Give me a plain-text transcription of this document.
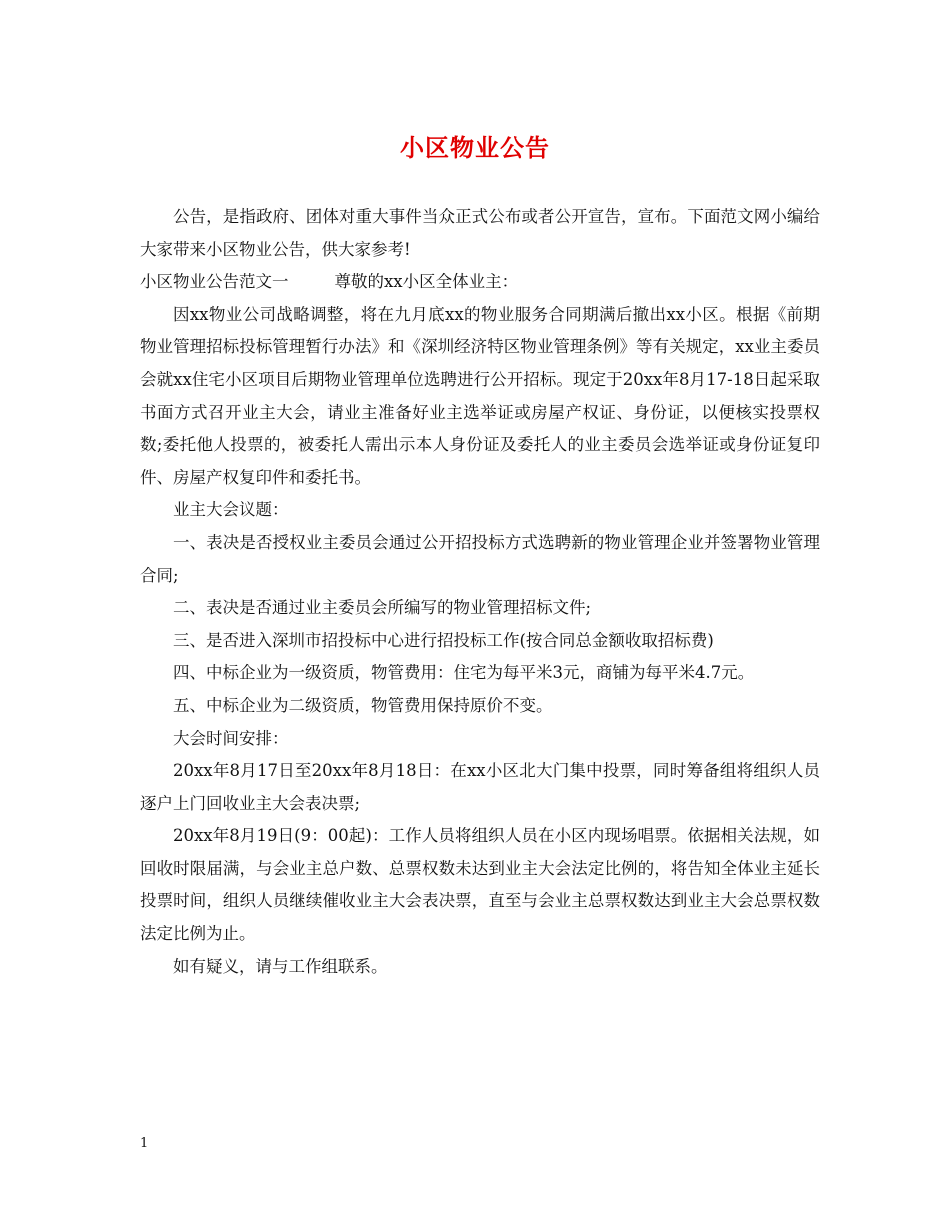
小区物业公告

公告，是指政府、团体对重大事件当众正式公布或者公开宣告，宣布。下面范文网小编给大家带来小区物业公告，供大家参考!

小区物业公告范文一	尊敬的xx小区全体业主：

因xx物业公司战略调整，将在九月底xx的物业服务合同期满后撤出xx小区。根据《前期物业管理招标投标管理暂行办法》和《深圳经济特区物业管理条例》等有关规定，xx业主委员会就xx住宅小区项目后期物业管理单位选聘进行公开招标。现定于20xx年8月17-18日起采取书面方式召开业主大会，请业主准备好业主选举证或房屋产权证、身份证，以便核实投票权数;委托他人投票的，被委托人需出示本人身份证及委托人的业主委员会选举证或身份证复印件、房屋产权复印件和委托书。

业主大会议题：

一、表决是否授权业主委员会通过公开招投标方式选聘新的物业管理企业并签署物业管理合同;

二、表决是否通过业主委员会所编写的物业管理招标文件;

三、是否进入深圳市招投标中心进行招投标工作(按合同总金额收取招标费)

四、中标企业为一级资质，物管费用：住宅为每平米3元，商铺为每平米4.7元。

五、中标企业为二级资质，物管费用保持原价不变。

大会时间安排：

20xx年8月17日至20xx年8月18日：在xx小区北大门集中投票，同时筹备组将组织人员逐户上门回收业主大会表决票;

20xx年8月19日(9：00起)：工作人员将组织人员在小区内现场唱票。依据相关法规，如回收时限届满，与会业主总户数、总票权数未达到业主大会法定比例的，将告知全体业主延长投票时间，组织人员继续催收业主大会表决票，直至与会业主总票权数达到业主大会总票权数法定比例为止。

如有疑义，请与工作组联系。

1
